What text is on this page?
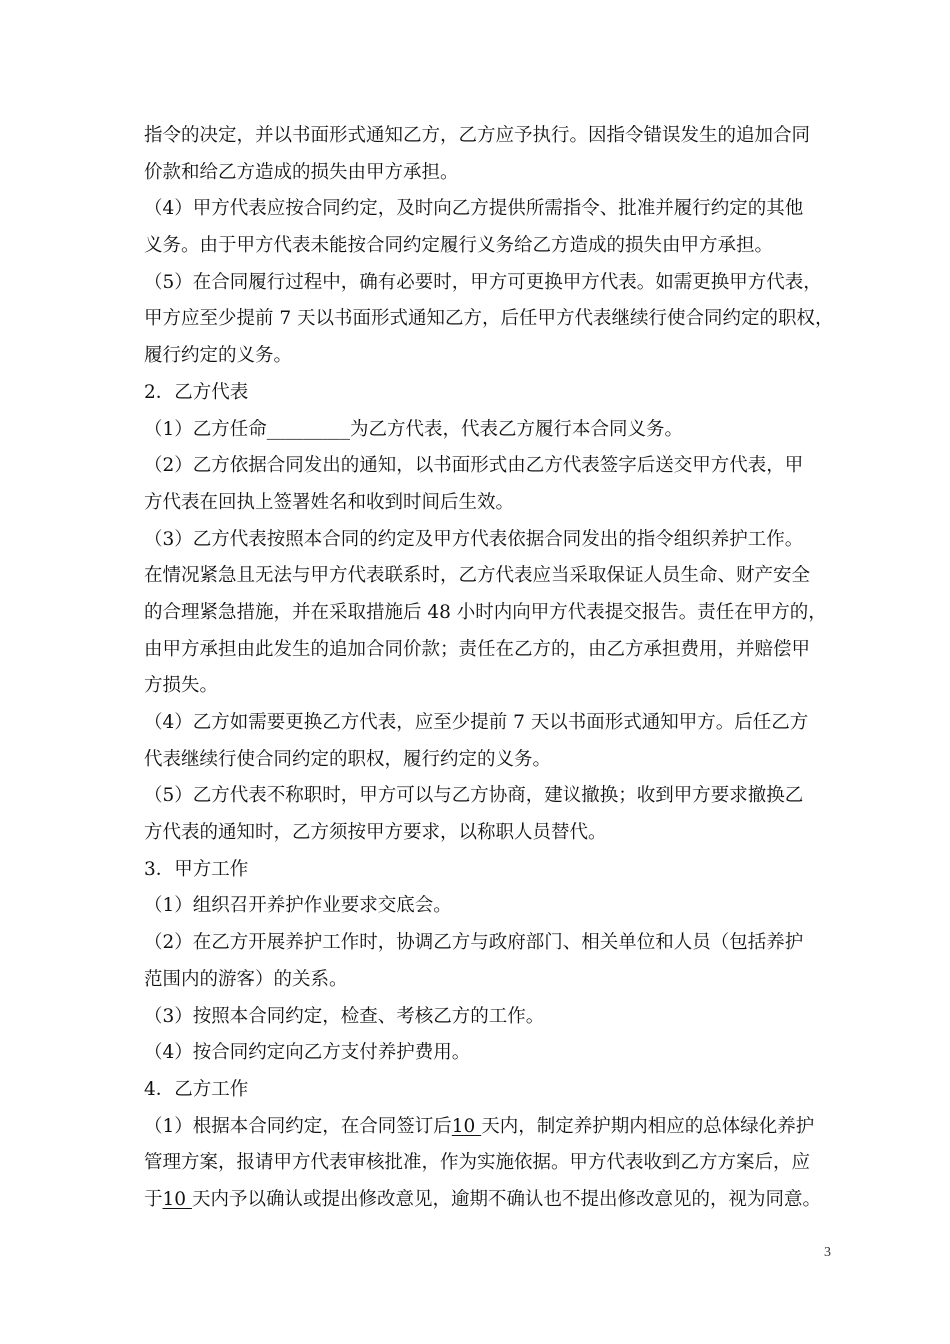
指令的决定，并以书面形式通知乙方，乙方应予执行。因指令错误发生的追加合同
价款和给乙方造成的损失由甲方承担。
（4）甲方代表应按合同约定，及时向乙方提供所需指令、批准并履行约定的其他
义务。由于甲方代表未能按合同约定履行义务给乙方造成的损失由甲方承担。
（5）在合同履行过程中，确有必要时，甲方可更换甲方代表。如需更换甲方代表，
甲方应至少提前 7 天以书面形式通知乙方，后任甲方代表继续行使合同约定的职权，
履行约定的义务。
2．乙方代表
（1）乙方任命_________为乙方代表，代表乙方履行本合同义务。
（2）乙方依据合同发出的通知，以书面形式由乙方代表签字后送交甲方代表，甲
方代表在回执上签署姓名和收到时间后生效。
（3）乙方代表按照本合同的约定及甲方代表依据合同发出的指令组织养护工作。
在情况紧急且无法与甲方代表联系时，乙方代表应当采取保证人员生命、财产安全
的合理紧急措施，并在采取措施后 48 小时内向甲方代表提交报告。责任在甲方的，
由甲方承担由此发生的追加合同价款；责任在乙方的，由乙方承担费用，并赔偿甲
方损失。
（4）乙方如需要更换乙方代表，应至少提前 7 天以书面形式通知甲方。后任乙方
代表继续行使合同约定的职权，履行约定的义务。
（5）乙方代表不称职时，甲方可以与乙方协商，建议撤换；收到甲方要求撤换乙
方代表的通知时，乙方须按甲方要求，以称职人员替代。
3．甲方工作
（1）组织召开养护作业要求交底会。
（2）在乙方开展养护工作时，协调乙方与政府部门、相关单位和人员（包括养护
范围内的游客）的关系。
（3）按照本合同约定，检查、考核乙方的工作。
（4）按合同约定向乙方支付养护费用。
4．乙方工作
（1）根据本合同约定，在合同签订后10 天内，制定养护期内相应的总体绿化养护
管理方案，报请甲方代表审核批准，作为实施依据。甲方代表收到乙方方案后，应
于10 天内予以确认或提出修改意见，逾期不确认也不提出修改意见的，视为同意。
3
